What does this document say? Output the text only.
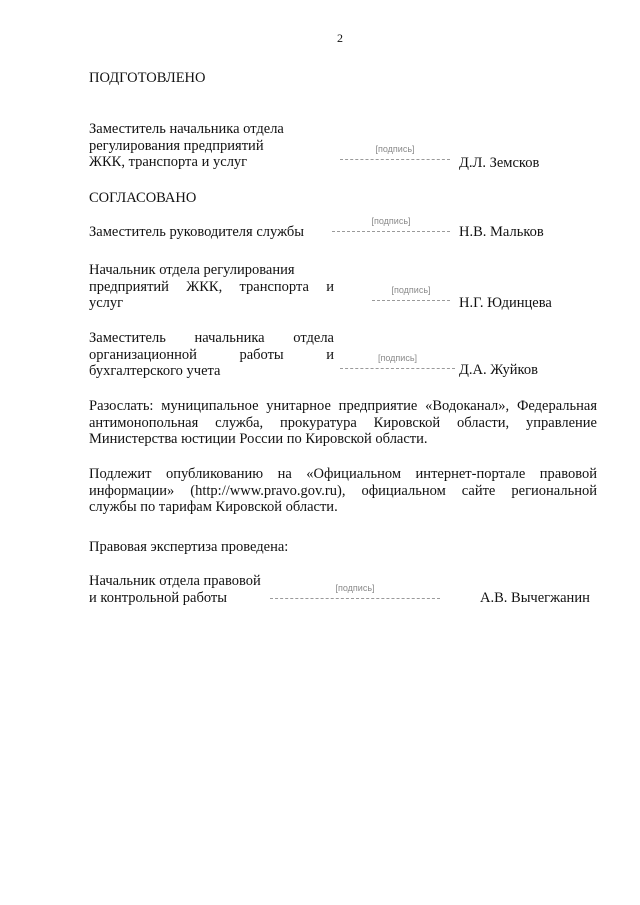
2
ПОДГОТОВЛЕНО
Заместитель начальника отдела
регулирования предприятий
ЖКК, транспорта и услуг
[подпись]
Д.Л. Земсков
СОГЛАСОВАНО
Заместитель руководителя службы
[подпись]
Н.В. Мальков
Начальник отдела регулирования
предприятий ЖКК, транспорта и
услуг
[подпись]
Н.Г. Юдинцева
Заместитель начальника отдела
организационной работы и
бухгалтерского учета
[подпись]
Д.А. Жуйков
Разослать: муниципальное унитарное предприятие «Водоканал», Федеральная антимонопольная служба, прокуратура Кировской области, управление Министерства юстиции России по Кировской области.
Подлежит опубликованию на «Официальном интернет-портале правовой информации» (http://www.pravo.gov.ru), официальном сайте региональной службы по тарифам Кировской области.
Правовая экспертиза проведена:
Начальник отдела правовой
и контрольной работы
[подпись]
А.В. Вычегжанин
